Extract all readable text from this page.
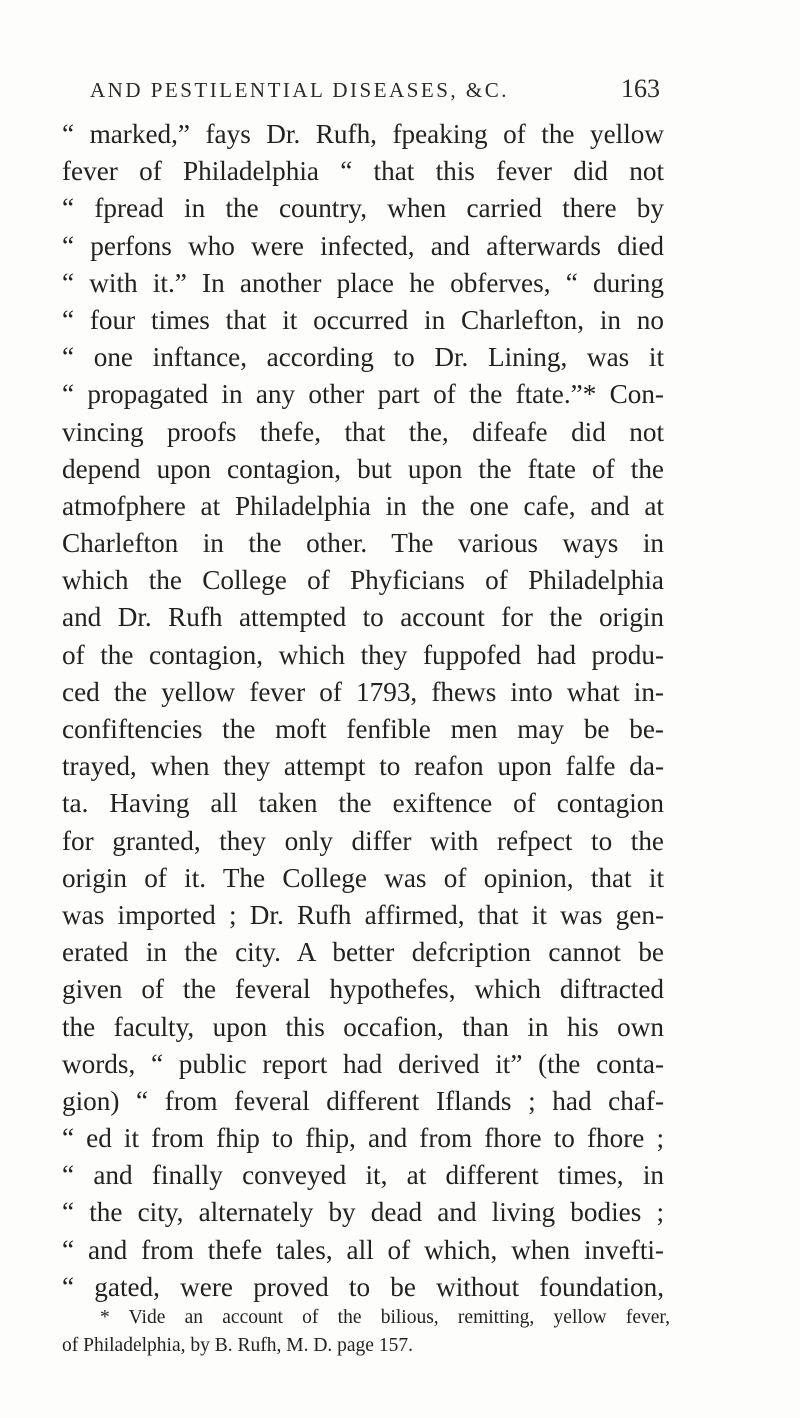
AND PESTILENTIAL DISEASES, &C.	163
“ marked,” fays Dr. Rufh, fpeaking of the yellow
fever of Philadelphia “ that this fever did not
“ fpread in the country, when carried there by
“ perfons who were infected, and afterwards died
“ with it.” In another place he obferves, “ during
“ four times that it occurred in Charlefton, in no
“ one inftance, according to Dr. Lining, was it
“ propagated in any other part of the ftate.”* Con-
vincing proofs thefe, that the, difeafe did not
depend upon contagion, but upon the ftate of the
atmofphere at Philadelphia in the one cafe, and at
Charlefton in the other. The various ways in
which the College of Phyficians of Philadelphia
and Dr. Rufh attempted to account for the origin
of the contagion, which they fuppofed had produ-
ced the yellow fever of 1793, fhews into what in-
confiftencies the moft fenfible men may be be-
trayed, when they attempt to reafon upon falfe da-
ta. Having all taken the exiftence of contagion
for granted, they only differ with refpect to the
origin of it. The College was of opinion, that it
was imported ; Dr. Rufh affirmed, that it was gen-
erated in the city. A better defcription cannot be
given of the feveral hypothefes, which diftracted
the faculty, upon this occafion, than in his own
words, “ public report had derived it” (the conta-
gion) “ from feveral different Iflands ; had chaf-
“ ed it from fhip to fhip, and from fhore to fhore ;
“ and finally conveyed it, at different times, in
“ the city, alternately by dead and living bodies ;
“ and from thefe tales, all of which, when invefti-
“ gated, were proved to be without foundation,
* Vide an account of the bilious, remitting, yellow fever,
of Philadelphia, by B. Rufh, M. D. page 157.
